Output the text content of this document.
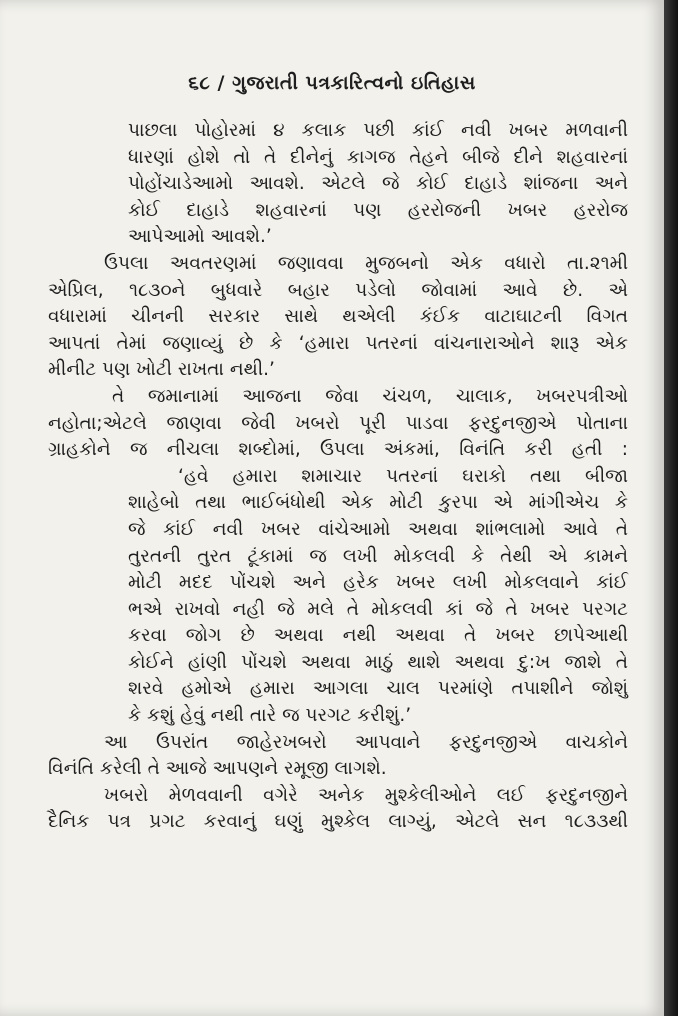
૬૮ / ગુજરાતી પત્રકારિત્વનો ઇતિહાસ
પાછલા પોહોરમાં ૪ કલાક પછી કાંઈ નવી ખબર મળવાની
ધારણાં હોશે તો તે દીનેનું કાગજ તેહને બીજે દીને શહવારનાં
પોહોંચાડેઆમો આવશે. એટલે જે કોઈ દાહાડે શાંજના અને
કોઈ દાહાડે શહવારનાં પણ હરરોજની ખબર હરરોજ
આપેઆમો આવશે.’
ઉપલા અવતરણમાં જણાવવા મુજબનો એક વધારો તા.૨૧મી
એપ્રિલ, ૧૮૩૦ને બુધવારે બહાર પડેલો જોવામાં આવે છે. એ
વધારામાં ચીનની સરકાર સાથે થએલી કંઈક વાટાઘાટની વિગત
આપતાં તેમાં જણાવ્યું છે કે ‘હમારા પતરનાં વાંચનારાઓને શારૂ એક
મીનીટ પણ ખોટી રાખતા નથી.’
તે જમાનામાં આજના જેવા ચંચળ, ચાલાક, ખબરપત્રીઓ
નહોતા;એટલે જાણવા જેવી ખબરો પૂરી પાડવા ફરદુનજીએ પોતાના
ગ્રાહકોને જ નીચલા શબ્દોમાં, ઉપલા અંકમાં, વિનંતિ કરી હતી :
‘હવે હમારા શમાચાર પતરનાં ઘરાકો તથા બીજા
શાહેબો તથા ભાઈબંધોથી એક મોટી કુરપા એ માંગીએચ કે
જે કાંઈ નવી ખબર વાંચેઆમો અથવા શાંભલામો આવે તે
તુરતની તુરત ટૂંકામાં જ લખી મોકલવી કે તેથી એ કામને
મોટી મદદ પોંચશે અને હરેક ખબર લખી મોકલવાને કાંઈ
ભએ રાખવો નહી જે મલે તે મોકલવી કાં જે તે ખબર પરગટ
કરવા જોગ છે અથવા નથી અથવા તે ખબર છાપેઆથી
કોઈને હાંણી પોંચશે અથવા માઠું થાશે અથવા દુ:ખ જાશે તે
શરવે હમોએ હમારા આગલા ચાલ પરમાંણે તપાશીને જોશું
કે કશું હેવું નથી તારે જ પરગટ કરીશું.’
આ ઉપરાંત જાહેરખબરો આપવાને ફરદુનજીએ વાચકોને
વિનંતિ કરેલી તે આજે આપણને રમૂજી લાગશે.
ખબરો મેળવવાની વગેરે અનેક મુશ્કેલીઓને લઈ ફરદુનજીને
દૈનિક પત્ર પ્રગટ કરવાનું ઘણું મુશ્કેલ લાગ્યું, એટલે સન ૧૮૩૩થી
